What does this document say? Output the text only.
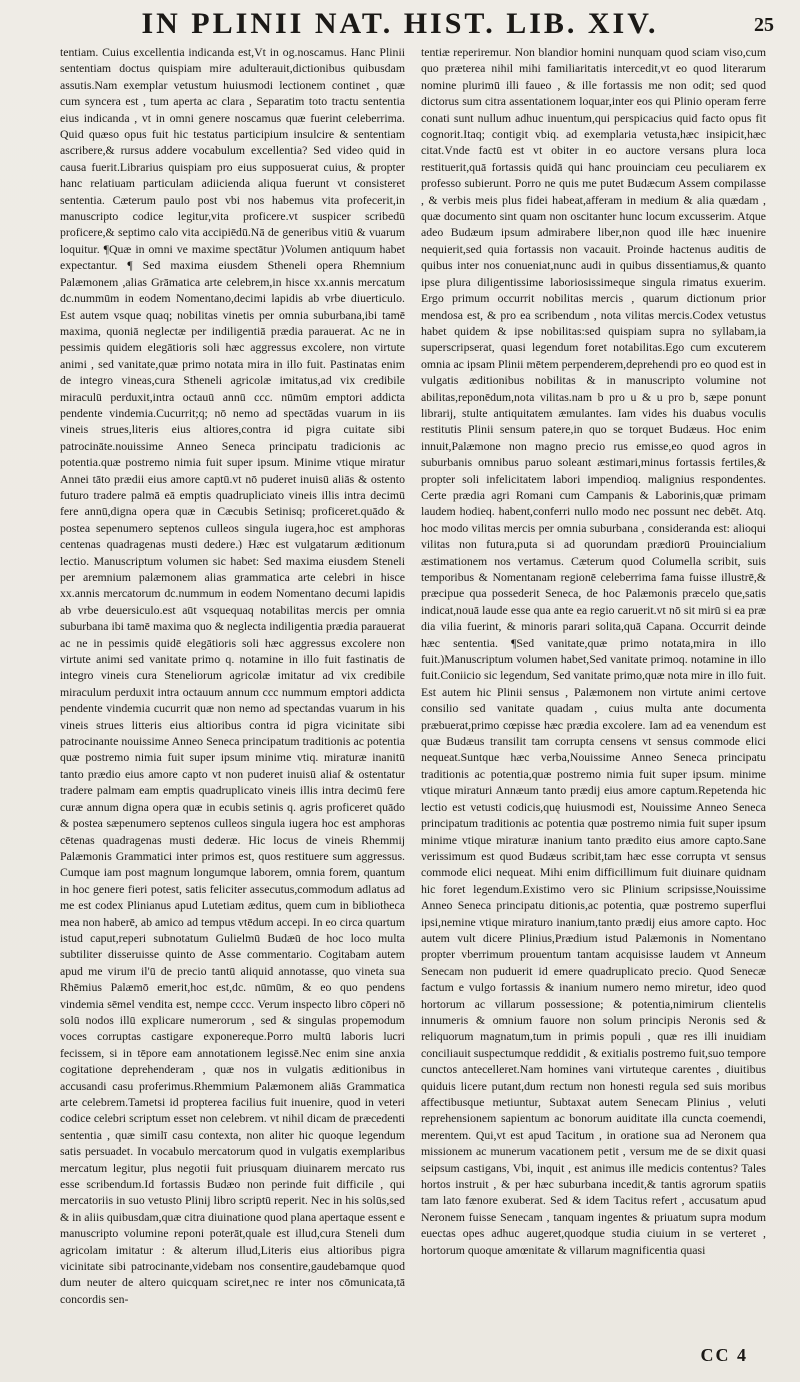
IN PLINII NAT. HIST. LIB. XIV.	25

tentiam. Cuius excellentia indicanda est,Vt in og.noscamus. Hanc Plinii sententiam doctus quispiam mire adulterauit,dictionibus quibusdam assutis.Nam exemplar vetustum huiusmodi lectionem continet , quæ cum syncera est , tum aperta ac clara , Separatim toto tractu sententia eius indicanda , vt in omni genere noscamus quæ fuerint celeberrima. Quid quæso opus fuit hic testatus participium insulcire & sententiam ascribere,& rursus addere vocabulum excellentia? Sed video quid in causa fuerit.Librarius quispiam pro eius supposuerat cuius, & propter hanc relatiuam particulam adiicienda aliqua fuerunt vt consisteret sententia. Cæterum paulo post vbi nos habemus vita profecerit,in manuscripto codice legitur,vita proficere.vt suspicer scribedū proficere,& septimo calo vita accipiēdū.Nā de generibus vitiū & vuarum loquitur. ¶Quæ in omni ve maxime spectātur )Volumen antiquum habet expectantur. ¶ Sed maxima eiusdem Stheneli opera Rhemnium Palæmonem ,alias Grāmatica arte celebrem,in hisce xx.annis mercatum dc.nummūm in eodem Nomentano,decimi lapidis ab vrbe diuerticulo. Est autem vsque quaq; nobilitas vinetis per omnia suburbana,ibi tamē maxima, quoniā neglectæ per indiligentiā prædia parauerat. Ac ne in pessimis quidem elegātioris soli hæc aggressus excolere, non virtute animi , sed vanitate,quæ primo notata mira in illo fuit. Pastinatas enim de integro vineas,cura Stheneli agricolæ imitatus,ad vix credibile miraculū perduxit,intra octauū annū ccc. nūmūm emptori addicta pendente vindemia.Cucurrit;q; nō nemo ad spectādas vuarum in iis vineis strues,literis eius altiores,contra id pigra cuitate sibi patrocināte.nouissime Anneo Seneca principatu tradicionis ac potentia.quæ postremo nimia fuit super ipsum. Minime vtique miratur Annei tāto prædii eius amore captū.vt nō puderet inuisū aliās & ostento futuro tradere palmā eā emptis quadrupliciato vineis illis intra decimū fere annū,digna opera quæ in Cæcubis Setinisq; proficeret.quādo & postea sepenumero septenos culleos singula iugera,hoc est amphoras centenas quadragenas musti dedere.) Hæc est vulgatarum æditionum lectio. Manuscriptum volumen sic habet: Sed maxima eiusdem Steneli per aremnium palæmonem alias grammatica arte celebri in hisce xx.annis mercatorum dc.nummum in eodem Nomentano decumi lapidis ab vrbe deuersiculo.est aūt vsquequaq notabilitas mercis per omnia suburbana ibi tamē maxima quo & neglecta indiligentia prædia parauerat ac ne in pessimis quidē elegātioris soli hæc aggressus excolere non virtute animi sed vanitate primo q. notamine in illo fuit fastinatis de integro vineis cura Steneliorum agricolæ imitatur ad vix credibile miraculum perduxit intra octauum annum ccc nummum emptori addicta pendente vindemia cucurrit quæ non nemo ad spectandas vuarum in his vineis strues litteris eius altioribus contra id pigra vicinitate sibi patrocinante nouissime Anneo Seneca principatum traditionis ac potentia quæ postremo nimia fuit super ipsum minime vtiq. miraturæ inanitū tanto prædio eius amore capto vt non puderet inuisū aliaſ & ostentatur tradere palmam eam emptis quadruplicato vineis illis intra decimū fere curæ annum digna opera quæ in ecubis setinis q. agris proficeret quādo & postea sæpenumero septenos culleos singula iugera hoc est amphoras cētenas quadragenas musti dederæ. Hic locus de vineis Rhemmij Palæmonis Grammatici inter primos est, quos restituere sum aggressus. Cumque iam post magnum longumque laborem, omnia forem, quantum in hoc genere fieri potest, satis feliciter assecutus,commodum adlatus ad me est codex Plinianus apud Lutetiam æditus, quem cum in bibliotheca mea non haberē, ab amico ad tempus vtēdum accepi. In eo circa quartum istud caput,reperi subnotatum Gulielmū Budæū de hoc loco multa subtiliter disseruisse quinto de Asse commentario. Cogitabam autem apud me virum il'ū de precio tantū aliquid annotasse, quo vineta sua Rhēmius Palæmō emerit,hoc est,dc. nūmūm, & eo quo pendens vindemia sēmel vendita est, nempe cccc. Verum inspecto libro cōperi nō solū nodos illū explicare numerorum , sed & singulas propemodum voces corruptas castigare exponereque.Porro multū laboris lucri fecissem, si in tēpore eam annotationem legissē.Nec enim sine anxia cogitatione deprehenderam , quæ nos in vulgatis æditionibus in accusandi casu proferimus.Rhemmium Palæmonem aliās Grammatica arte celebrem.Tametsi id propterea facilius fuit inuenire, quod in veteri codice celebri scriptum esset non celebrem. vt nihil dicam de præcedenti sententia , quæ similī casu contexta, non aliter hic quoque legendum satis persuadet. In vocabulo mercatorum quod in vulgatis exemplaribus mercatum legitur, plus negotii fuit priusquam diuinarem mercato rus esse scribendum.Id fortassis Budæo non perinde fuit difficile , qui mercatoriis in suo vetusto Plinij libro scriptū reperit. Nec in his solūs,sed & in aliis quibusdam,quæ citra diuinatione quod plana apertaque essent e manuscripto volumine reponi poterāt,quale est illud,cura Steneli dum agricolam imitatur : & alterum illud,Literis eius altioribus pigra vicinitate sibi patrocinante,videbam nos consentire,gaudebamque quod dum neuter de altero quicquam sciret,nec re inter nos cōmunicata,tā concordis sen-

tentiæ reperiremur. Non blandior homini nunquam quod sciam viso,cum quo præterea nihil mihi familiaritatis intercedit,vt eo quod literarum nomine plurimū illi faueo , & ille fortassis me non odit; sed quod dictorus sum citra assentationem loquar,inter eos qui Plinio operam ferre conati sunt nullum adhuc inuentum,qui perspicacius quid facto opus fit cognorit.Itaq; contigit vbiq. ad exemplaria vetusta,hæc insipicit,hæc citat.Vnde factū est vt obiter in eo auctore versans plura loca restituerit,quā fortassis quidā qui hanc prouinciam ceu peculiarem ex professo subierunt. Porro ne quis me putet Budæcum Assem compilasse , & verbis meis plus fidei habeat,afferam in medium & alia quædam , quæ documento sint quam non oscitanter hunc locum excusserim. Atque adeo Budæum ipsum admirabere liber,non quod ille hæc inuenire nequierit,sed quia fortassis non vacauit. Proinde hactenus auditis de quibus inter nos conueniat,nunc audi in quibus dissentiamus,& quanto ipse plura diligentissime laboriosissimeque singula rimatus exuerim. Ergo primum occurrit nobilitas mercis , quarum dictionum prior mendosa est, & pro ea scribendum , nota vilitas mercis.Codex vetustus habet quidem & ipse nobilitas:sed quispiam supra no syllabam,ia superscripserat, quasi legendum foret notabilitas.Ego cum excuterem omnia ac ipsam Plinii mētem perpenderem,deprehendi pro eo quod est in vulgatis æditionibus nobilitas & in manuscripto volumine not abilitas,reponēdum,nota vilitas.nam b pro u & u pro b, sæpe ponunt librarij, stulte antiquitatem æmulantes. Iam vides his duabus voculis restitutis Plinii sensum patere,in quo se torquet Budæus. Hoc enim innuit,Palæmone non magno precio rus emisse,eo quod agros in suburbanis omnibus paruo soleant æstimari,minus fortassis fertiles,& propter soli infelicitatem labori impendioq. malignius respondentes. Certe prædia agri Romani cum Campanis & Laborinis,quæ primam laudem hodieq. habent,conferri nullo modo nec possunt nec debēt. Atq. hoc modo vilitas mercis per omnia suburbana , consideranda est: alioqui vilitas non futura,puta si ad quorundam prædiorū Prouincialium æstimationem nos vertamus. Cæterum quod Columella scribit, suis temporibus & Nomentanam regionē celeberrima fama fuisse illustrē,& præcipue qua possederit Seneca, de hoc Palæmonis præcelo que,satis indicat,nouā laude esse qua ante ea regio caruerit.vt nō sit mirū si ea præ dia vilia fuerint, & minoris parari solita,quā Capana. Occurrit deinde hæc sententia. ¶Sed vanitate,quæ primo notata,mira in illo fuit.)Manuscriptum volumen habet,Sed vanitate primoq. notamine in illo fuit.Coniicio sic legendum, Sed vanitate primo,quæ nota mire in illo fuit. Est autem hic Plinii sensus , Palæmonem non virtute animi certove consilio sed vanitate quadam , cuius multa ante documenta præbuerat,primo cœpisse hæc prædia excolere. Iam ad ea venendum est quæ Budæus transilit tam corrupta censens vt sensus commode elici nequeat.Suntque hæc verba,Nouissime Anneo Seneca principatu traditionis ac potentia,quæ postremo nimia fuit super ipsum. minime vtique miraturi Annæum tanto prædij eius amore captum.Repetenda hic lectio est vetusti codicis,quę huiusmodi est, Nouissime Anneo Seneca principatum traditionis ac potentia quæ postremo nimia fuit super ipsum minime vtique miraturæ inanium tanto prædito eius amore capto.Sane verissimum est quod Budæus scribit,tam hæc esse corrupta vt sensus commode elici nequeat. Mihi enim difficillimum fuit diuinare quidnam hic foret legendum.Existimo vero sic Plinium scripsisse,Nouissime Anneo Seneca principatu ditionis,ac potentia, quæ postremo superflui ipsi,nemine vtique miraturo inanium,tanto prædij eius amore capto. Hoc autem vult dicere Plinius,Prædium istud Palæmonis in Nomentano propter vberrimum prouentum tantam acquisisse laudem vt Anneum Senecam non puduerit id emere quadruplicato precio. Quod Senecæ factum e vulgo fortassis & inanium numero nemo miretur, ideo quod hortorum ac villarum possessione; & potentia,nimirum clientelis innumeris & omnium fauore non solum principis Neronis sed & reliquorum magnatum,tum in primis populi , quæ res illi inuidiam conciliauit suspectumque reddidit , & exitialis postremo fuit,suo tempore cunctos antecelleret.Nam homines vani virtuteque carentes , diuitibus quiduis licere putant,dum rectum non honesti regula sed suis moribus affectibusque metiuntur, Subtaxat autem Senecam Plinius , veluti reprehensionem sapientum ac bonorum auiditate illa cuncta coemendi, merentem. Qui,vt est apud Tacitum , in oratione sua ad Neronem qua missionem ac munerum vacationem petit , versum me de se dixit quasi seipsum castigans, Vbi, inquit , est animus ille medicis contentus? Tales hortos instruit , & per hæc suburbana incedit,& tantis agrorum spatiis tam lato fænore exuberat. Sed & idem Tacitus refert , accusatum apud Neronem fuisse Senecam , tanquam ingentes & priuatum supra modum euectas opes adhuc augeret,quodque studia ciuium in se verteret , hortorum quoque amœnitate & villarum magnificentia quasi

CC 4
